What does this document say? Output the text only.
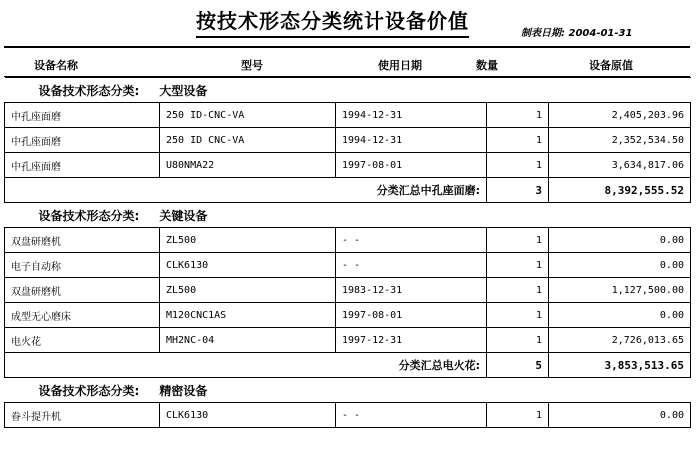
按技术形态分类统计设备价值
制表日期: 2004-01-31
设备名称	型号	使用日期	数量	设备原值
设备技术形态分类: 大型设备				
中孔座面磨	250 ID-CNC-VA	1994-12-31	1	2,405,203.96
中孔座面磨	250 ID CNC-VA	1994-12-31	1	2,352,534.50
中孔座面磨	U80NMA22	1997-08-01	1	3,634,817.06
分类汇总中孔座面磨:			3	8,392,555.52
设备技术形态分类: 关键设备				
双盘研磨机	ZL500	- -	1	0.00
电子自动称	CLK6130	- -	1	0.00
双盘研磨机	ZL500	1983-12-31	1	1,127,500.00
成型无心磨床	M120CNC1AS	1997-08-01	1	0.00
电火花	MH2NC-04	1997-12-31	1	2,726,013.65
分类汇总电火花:			5	3,853,513.65
设备技术形态分类: 精密设备				
眷斗提升机	CLK6130	- -	1	0.00
